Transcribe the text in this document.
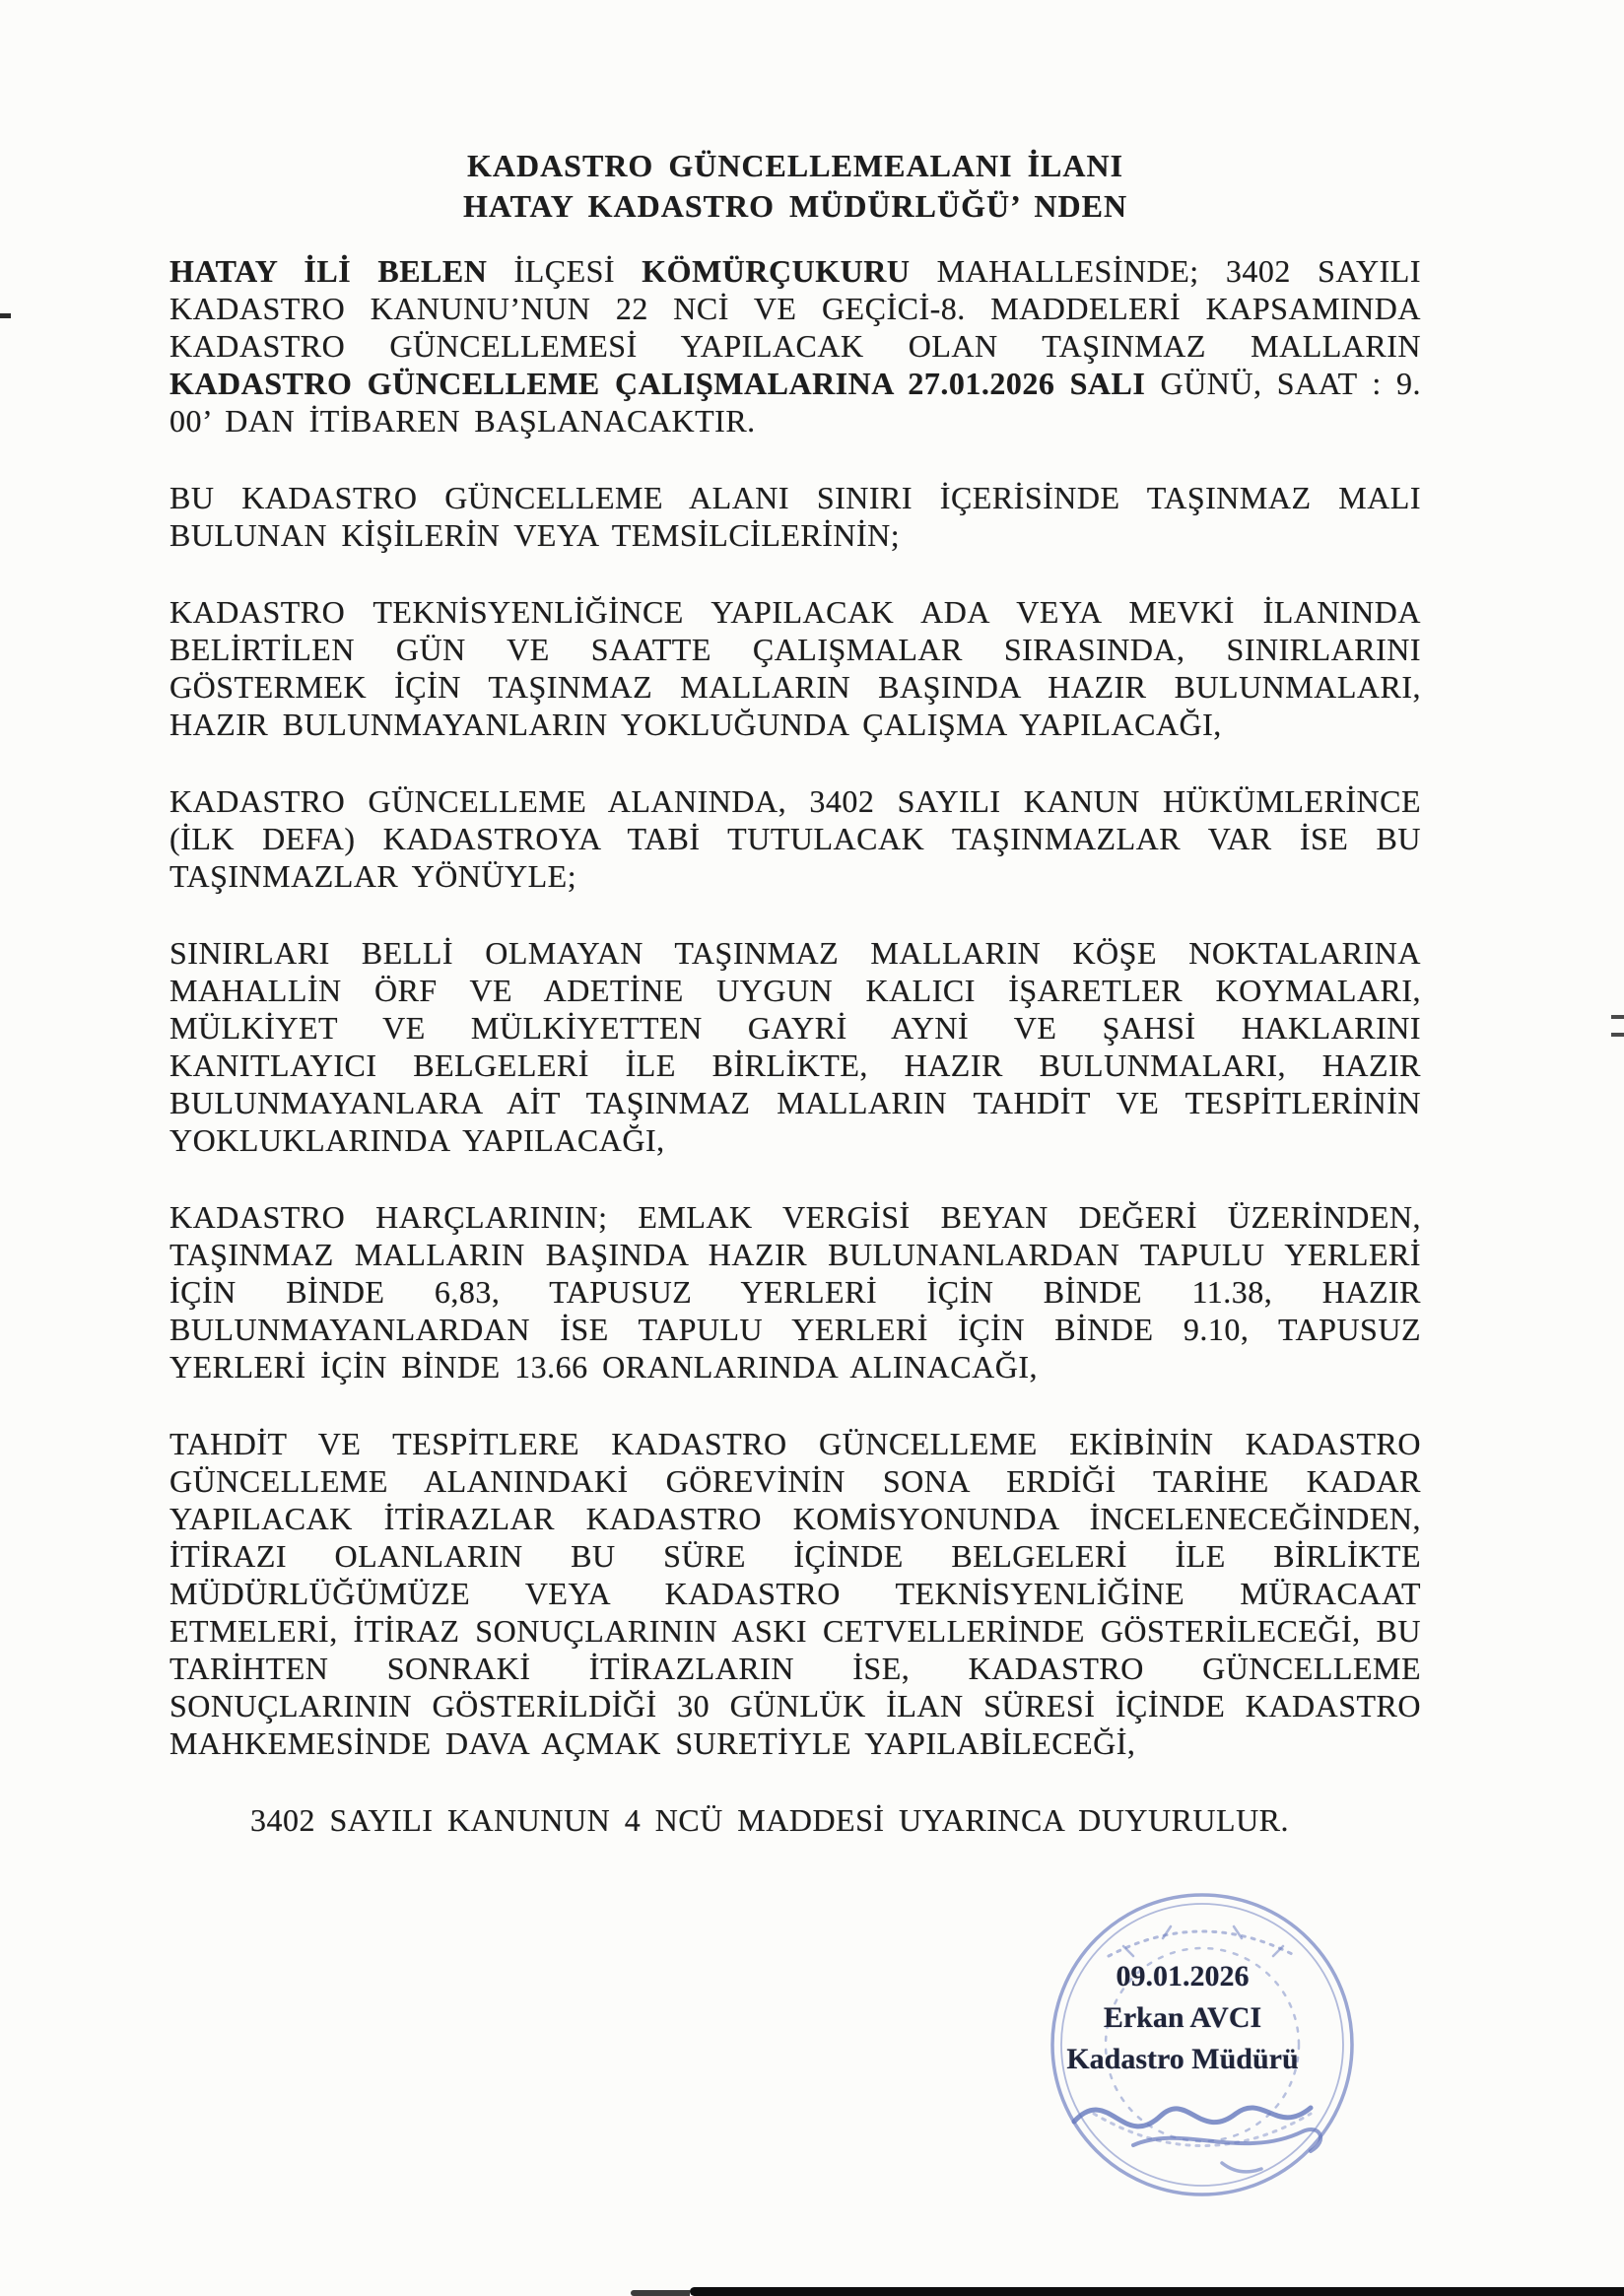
KADASTRO GÜNCELLEMEALANI İLANI
HATAY KADASTRO MÜDÜRLÜĞÜ’ NDEN

HATAY İLİ BELEN İLÇESİ KÖMÜRÇUKURU MAHALLESİNDE; 3402 SAYILI KADASTRO KANUNU’NUN 22 NCİ VE GEÇİCİ-8. MADDELERİ KAPSAMINDA KADASTRO GÜNCELLEMESİ YAPILACAK OLAN TAŞINMAZ MALLARIN KADASTRO GÜNCELLEME ÇALIŞMALARINA 27.01.2026 SALI GÜNÜ, SAAT : 9. 00’ DAN İTİBAREN BAŞLANACAKTIR.

BU KADASTRO GÜNCELLEME ALANI SINIRI İÇERİSİNDE TAŞINMAZ MALI BULUNAN KİŞİLERİN VEYA TEMSİLCİLERİNİN;

KADASTRO TEKNİSYENLİĞİNCE YAPILACAK ADA VEYA MEVKİ İLANINDA BELİRTİLEN GÜN VE SAATTE ÇALIŞMALAR SIRASINDA, SINIRLARINI GÖSTERMEK İÇİN TAŞINMAZ MALLARIN BAŞINDA HAZIR BULUNMALARI, HAZIR BULUNMAYANLARIN YOKLUĞUNDA ÇALIŞMA YAPILACAĞI,

KADASTRO GÜNCELLEME ALANINDA, 3402 SAYILI KANUN HÜKÜMLERİNCE (İLK DEFA) KADASTROYA TABİ TUTULACAK TAŞINMAZLAR VAR İSE BU TAŞINMAZLAR YÖNÜYLE;

SINIRLARI BELLİ OLMAYAN TAŞINMAZ MALLARIN KÖŞE NOKTALARINA MAHALLİN ÖRF VE ADETİNE UYGUN KALICI İŞARETLER KOYMALARI, MÜLKİYET VE MÜLKİYETTEN GAYRİ AYNİ VE ŞAHSİ HAKLARINI KANITLAYICI BELGELERİ İLE BİRLİKTE, HAZIR BULUNMALARI, HAZIR BULUNMAYANLARA AİT TAŞINMAZ MALLARIN TAHDİT VE TESPİTLERİNİN YOKLUKLARINDA YAPILACAĞI,

KADASTRO HARÇLARININ; EMLAK VERGİSİ BEYAN DEĞERİ ÜZERİNDEN, TAŞINMAZ MALLARIN BAŞINDA HAZIR BULUNANLARDAN TAPULU YERLERİ İÇİN BİNDE 6,83, TAPUSUZ YERLERİ İÇİN BİNDE 11.38, HAZIR BULUNMAYANLARDAN İSE TAPULU YERLERİ İÇİN BİNDE 9.10, TAPUSUZ YERLERİ İÇİN BİNDE 13.66 ORANLARINDA ALINACAĞI,

TAHDİT VE TESPİTLERE KADASTRO GÜNCELLEME EKİBİNİN KADASTRO GÜNCELLEME ALANINDAKİ GÖREVİNİN SONA ERDİĞİ TARİHE KADAR YAPILACAK İTİRAZLAR KADASTRO KOMİSYONUNDA İNCELENECEĞİNDEN, İTİRAZI OLANLARIN BU SÜRE İÇİNDE BELGELERİ İLE BİRLİKTE MÜDÜRLÜĞÜMÜZE VEYA KADASTRO TEKNİSYENLİĞİNE MÜRACAAT ETMELERİ, İTİRAZ SONUÇLARININ ASKI CETVELLERİNDE GÖSTERİLECEĞİ, BU TARİHTEN SONRAKİ İTİRAZLARIN İSE, KADASTRO GÜNCELLEME SONUÇLARININ GÖSTERİLDİĞİ 30 GÜNLÜK İLAN SÜRESİ İÇİNDE KADASTRO MAHKEMESİNDE DAVA AÇMAK SURETİYLE YAPILABİLECEĞİ,

3402 SAYILI KANUNUN 4 NCÜ MADDESİ UYARINCA DUYURULUR.

09.01.2026
Erkan AVCI
Kadastro Müdürü
